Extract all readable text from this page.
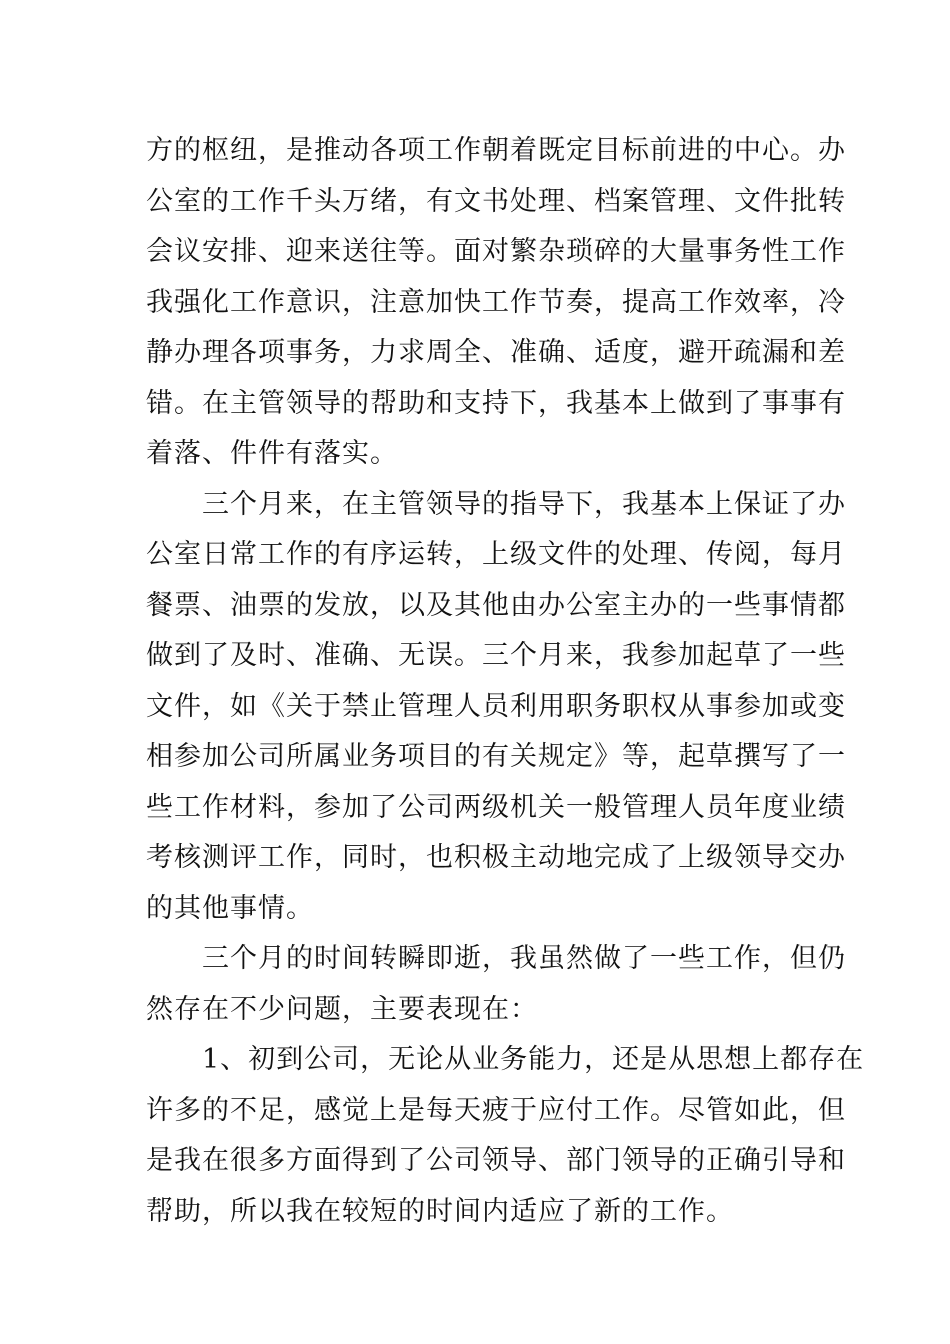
方的枢纽，是推动各项工作朝着既定目标前进的中心。办
公室的工作千头万绪，有文书处理、档案管理、文件批转
会议安排、迎来送往等。面对繁杂琐碎的大量事务性工作
我强化工作意识，注意加快工作节奏，提高工作效率，冷
静办理各项事务，力求周全、准确、适度，避开疏漏和差
错。在主管领导的帮助和支持下，我基本上做到了事事有
着落、件件有落实。

三个月来，在主管领导的指导下，我基本上保证了办
公室日常工作的有序运转，上级文件的处理、传阅，每月
餐票、油票的发放，以及其他由办公室主办的一些事情都
做到了及时、准确、无误。三个月来，我参加起草了一些
文件，如《关于禁止管理人员利用职务职权从事参加或变
相参加公司所属业务项目的有关规定》等，起草撰写了一
些工作材料，参加了公司两级机关一般管理人员年度业绩
考核测评工作，同时，也积极主动地完成了上级领导交办
的其他事情。

三个月的时间转瞬即逝，我虽然做了一些工作，但仍
然存在不少问题，主要表现在：

1、初到公司，无论从业务能力，还是从思想上都存在
许多的不足，感觉上是每天疲于应付工作。尽管如此，但
是我在很多方面得到了公司领导、部门领导的正确引导和
帮助，所以我在较短的时间内适应了新的工作。
